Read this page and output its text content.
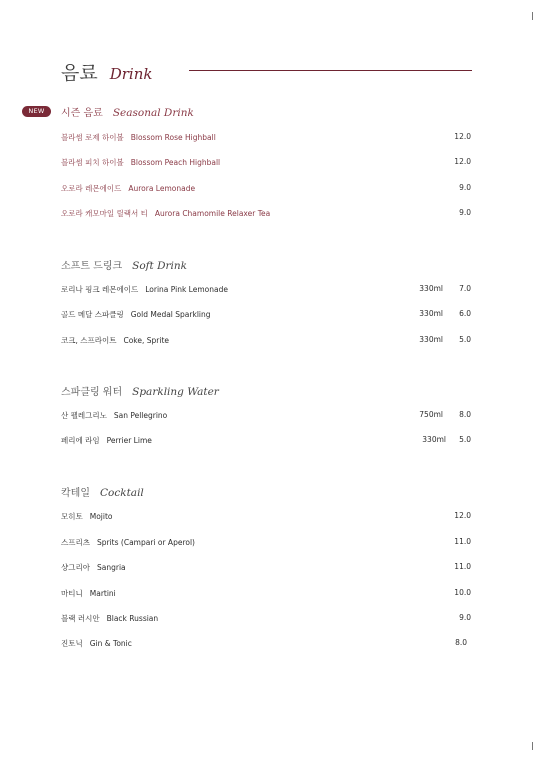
음료 Drink
NEW	시즌 음료 Seasonal Drink
블라썸 로제 하이볼 Blossom Rose Highball	12.0
블라썸 피치 하이볼 Blossom Peach Highball	12.0
오로라 레몬에이드 Aurora Lemonade	9.0
오로라 캐모마일 릴랙서 티 Aurora Chamomile Relaxer Tea	9.0
소프트 드링크 Soft Drink
로리나 핑크 레몬에이드 Lorina Pink Lemonade	330ml 7.0
골드 메달 스파클링 Gold Medal Sparkling	330ml 6.0
코크, 스프라이트 Coke, Sprite	330ml 5.0
스파클링 워터 Sparkling Water
산 펠레그리노 San Pellegrino	750ml 8.0
페리에 라임 Perrier Lime	330ml 5.0
칵테일 Cocktail
모히토 Mojito	12.0
스프리츠 Sprits (Campari or Aperol)	11.0
샹그리아 Sangria	11.0
마티니 Martini	10.0
블랙 러시안 Black Russian	9.0
진토닉 Gin & Tonic	8.0
